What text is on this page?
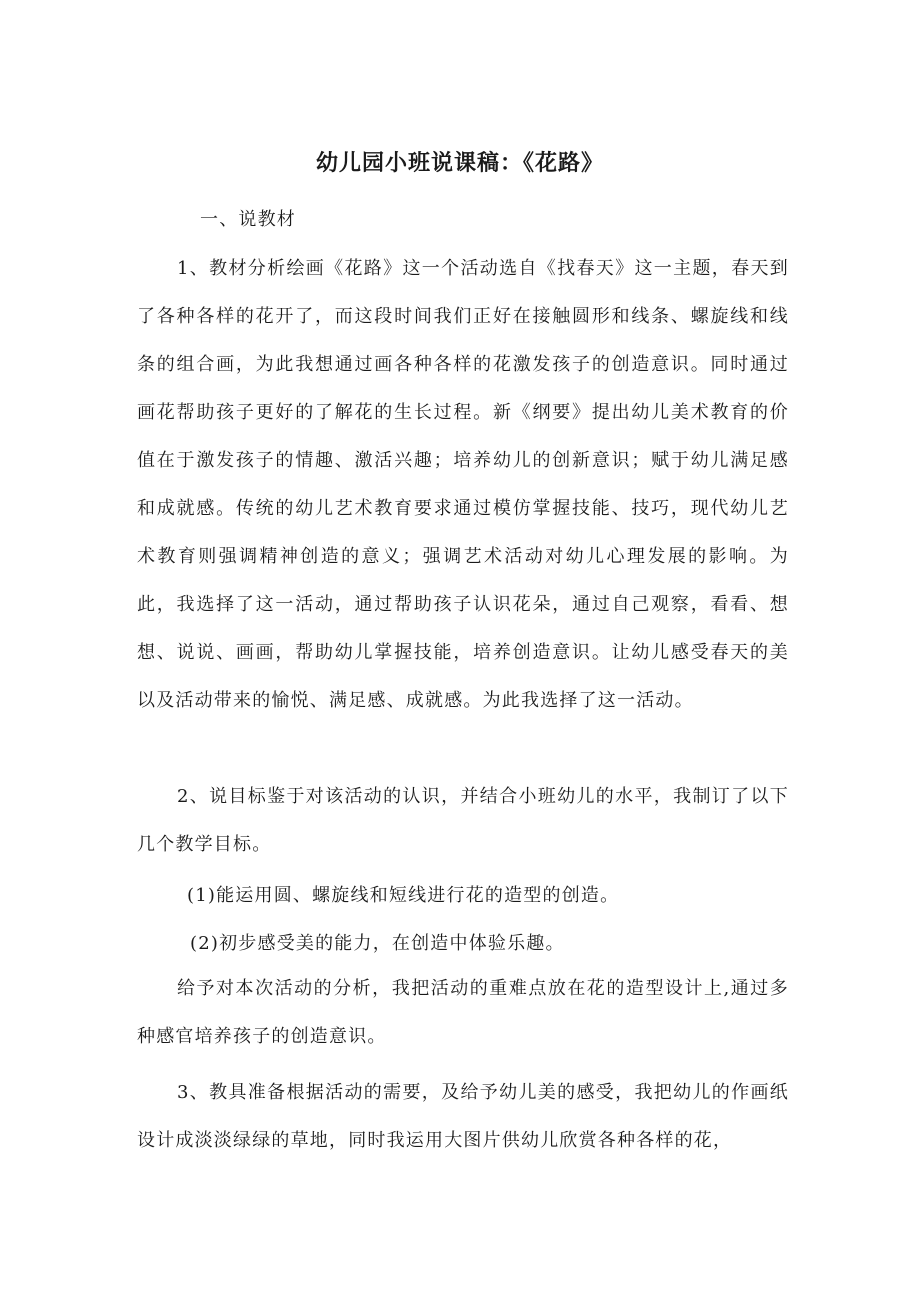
幼儿园小班说课稿：《花路》

一、说教材

1、教材分析绘画《花路》这一个活动选自《找春天》这一主题，春天到了各种各样的花开了，而这段时间我们正好在接触圆形和线条、螺旋线和线条的组合画，为此我想通过画各种各样的花激发孩子的创造意识。同时通过画花帮助孩子更好的了解花的生长过程。新《纲要》提出幼儿美术教育的价值在于激发孩子的情趣、激活兴趣；培养幼儿的创新意识；赋于幼儿满足感和成就感。传统的幼儿艺术教育要求通过模仿掌握技能、技巧，现代幼儿艺术教育则强调精神创造的意义；强调艺术活动对幼儿心理发展的影响。为此，我选择了这一活动，通过帮助孩子认识花朵，通过自己观察，看看、想想、说说、画画，帮助幼儿掌握技能，培养创造意识。让幼儿感受春天的美以及活动带来的愉悦、满足感、成就感。为此我选择了这一活动。

2、说目标鉴于对该活动的认识，并结合小班幼儿的水平，我制订了以下几个教学目标。

(1)能运用圆、螺旋线和短线进行花的造型的创造。

(2)初步感受美的能力，在创造中体验乐趣。

给予对本次活动的分析，我把活动的重难点放在花的造型设计上,通过多种感官培养孩子的创造意识。

3、教具准备根据活动的需要，及给予幼儿美的感受，我把幼儿的作画纸设计成淡淡绿绿的草地，同时我运用大图片供幼儿欣赏各种各样的花，
